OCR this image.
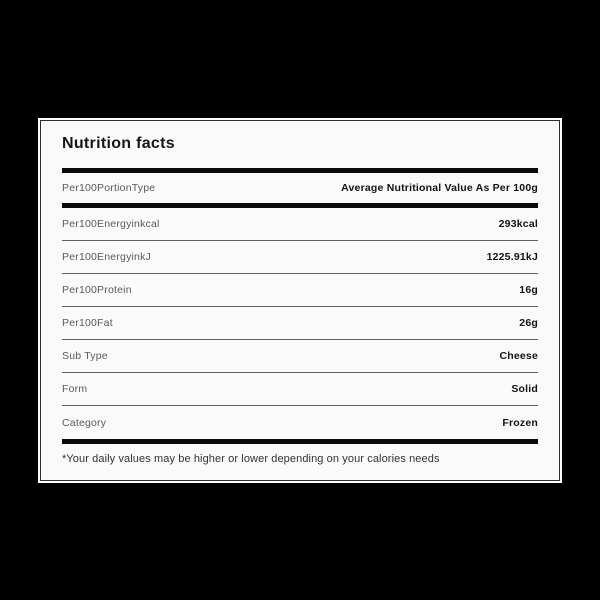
Nutrition facts
Per100PortionType	Average Nutritional Value As Per 100g
Per100Energyinkcal	293kcal
Per100EnergyinkJ	1225.91kJ
Per100Protein	16g
Per100Fat	26g
Sub Type	Cheese
Form	Solid
Category	Frozen

*Your daily values may be higher or lower depending on your calories needs
